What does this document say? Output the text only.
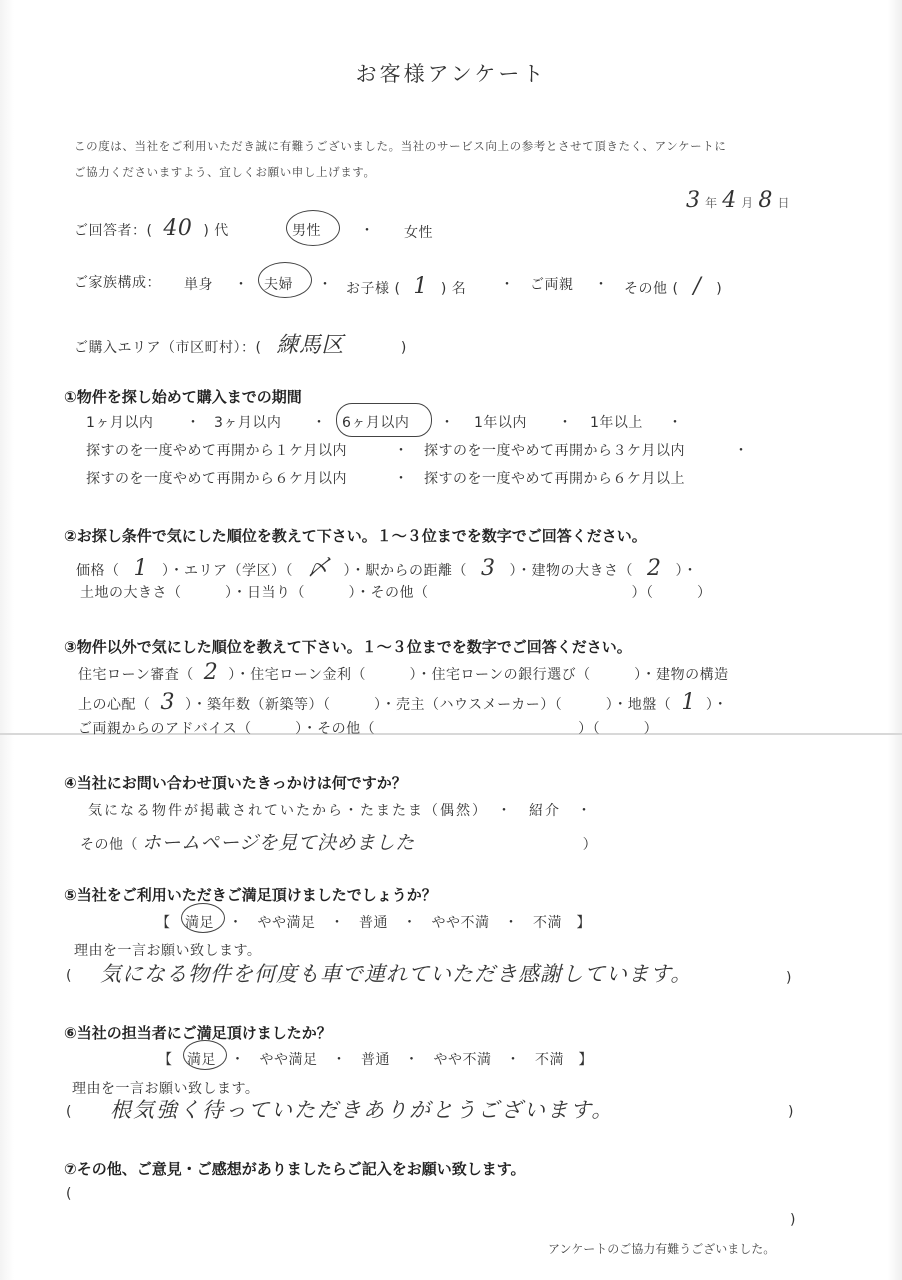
お客様アンケート
この度は、当社をご利用いただき誠に有難うございました。当社のサービス向上の参考とさせて頂きたく、アンケートに
ご協力くださいますよう、宜しくお願い申し上げます。
3 年 4 月 8 日
ご回答者：( 40 ) 代	男性	・ 女性
ご家族構成： 単身 ・ 夫婦 ・ お子様 ( 1 ) 名 ・ ご両親 ・ その他 ( / )
ご購入エリア（市区町村）：( 練馬区	)
①物件を探し始めて購入までの期間
1ヶ月以内 ・ 3ヶ月以内 ・ 6ヶ月以内 ・ 1年以内 ・ 1年以上 ・
探すのを一度やめて再開から１ケ月以内	・ 探すのを一度やめて再開から３ケ月以内	・
探すのを一度やめて再開から６ケ月以内	・ 探すのを一度やめて再開から６ケ月以上
②お探し条件で気にした順位を教えて下さい。１～３位までを数字でご回答ください。
価格（ 1 ）・エリア（学区）（ 〆 ）・駅からの距離（ 3 ）・建物の大きさ（ 2 ）・
土地の大きさ（　　　）・日当り（　　　）・その他（　　　　　　　　　　　　　　）（　　　）
③物件以外で気にした順位を教えて下さい。１～３位までを数字でご回答ください。
住宅ローン審査（ 2 ）・住宅ローン金利（　　　）・住宅ローンの銀行選び（　　　）・建物の構造
上の心配（ 3 ）・築年数（新築等）（　　　）・売主（ハウスメーカー）（　　　）・地盤（ 1 ）・
ご両親からのアドバイス（　　　）・その他（　　　　　　　　　　　　　　）（　　　）
④当社にお問い合わせ頂いたきっかけは何ですか？
気になる物件が掲載されていたから・たまたま（偶然）　・　紹介　・
その他（ ホームページを見て決めました	）
⑤当社をご利用いただきご満足頂けましたでしょうか？
【　満足　・　やや満足　・　普通　・　やや不満　・　不満　】
理由を一言お願い致します。
( 気になる物件を何度も車で連れていただき感謝しています。	)
⑥当社の担当者にご満足頂けましたか？
【　満足　・　やや満足　・　普通　・　やや不満　・　不満　】
理由を一言お願い致します。
( 根気強く待っていただきありがとうございます。	)
⑦その他、ご意見・ご感想がありましたらご記入をお願い致します。
(
)
アンケートのご協力有難うございました。
